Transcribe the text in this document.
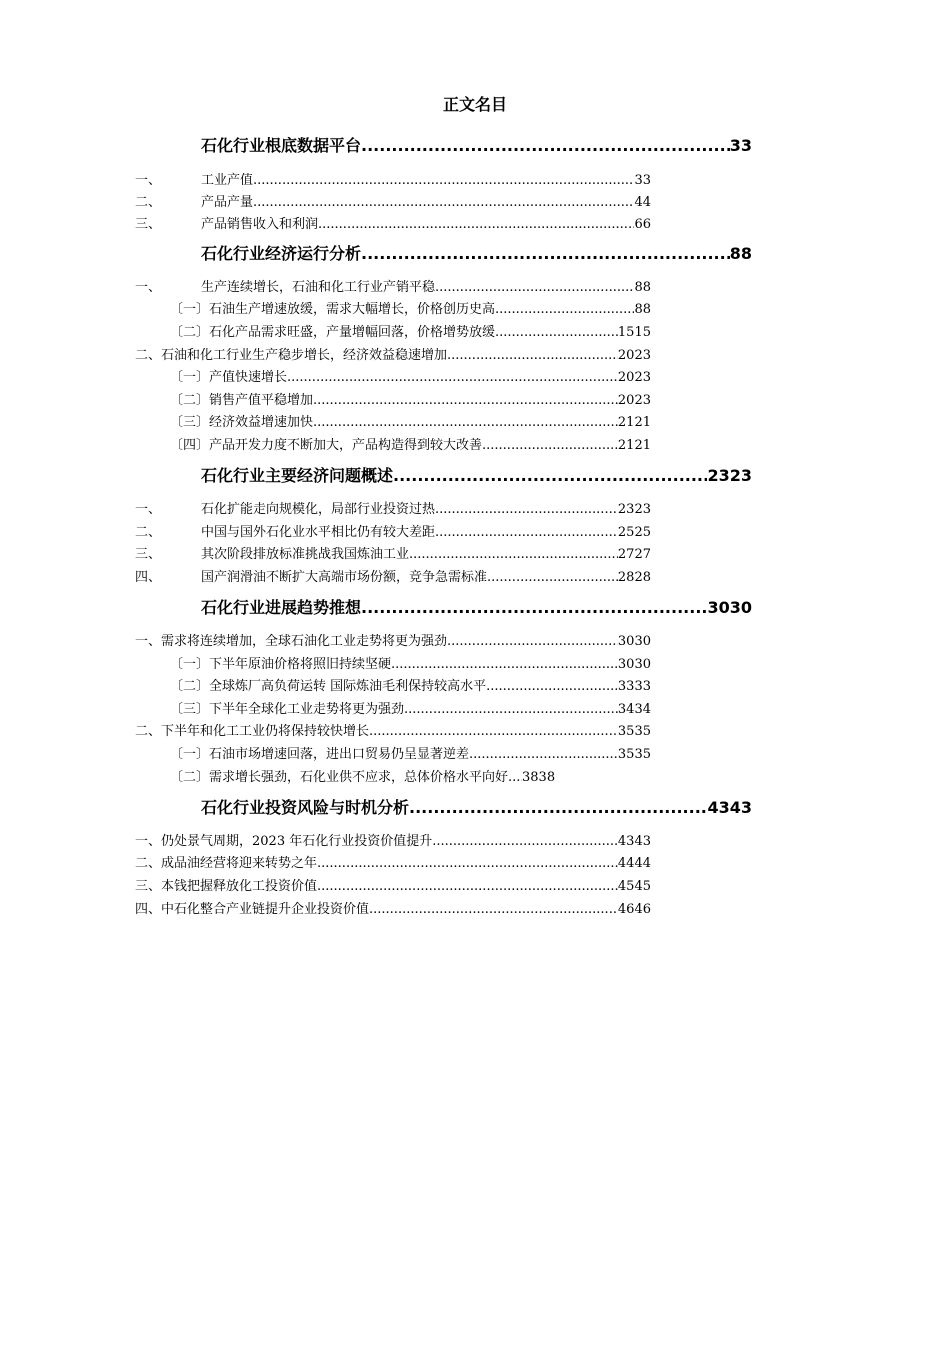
正文名目
石化行业根底数据平台 .....	33
一、	工业产值 .....	33
二、	产品产量 .....	44
三、	产品销售收入和利润 .....	66
石化行业经济运行分析 .....	88
一、	生产连续增长，石油和化工行业产销平稳 .....	88
〔一〕石油生产增速放缓，需求大幅增长，价格创历史高 .....	88
〔二〕石化产品需求旺盛，产量增幅回落，价格增势放缓 .....	1515
二、石油和化工行业生产稳步增长，经济效益稳速增加 .....	2023
〔一〕产值快速增长 .....	2023
〔二〕销售产值平稳增加 .....	2023
〔三〕经济效益增速加快 .....	2121
〔四〕产品开发力度不断加大，产品构造得到较大改善 .....	2121
石化行业主要经济问题概述 .....	2323
一、	石化扩能走向规模化，局部行业投资过热 .....	2323
二、	中国与国外石化业水平相比仍有较大差距 .....	2525
三、	其次阶段排放标准挑战我国炼油工业 .....	2727
四、	国产润滑油不断扩大高端市场份额，竞争急需标准 .....	2828
石化行业进展趋势推想 .....	3030
一、需求将连续增加，全球石油化工业走势将更为强劲 .....	3030
〔一〕下半年原油价格将照旧持续坚硬 .....	3030
〔二〕全球炼厂高负荷运转 国际炼油毛利保持较高水平 .....	3333
〔三〕下半年全球化工业走势将更为强劲 .....	3434
二、下半年和化工工业仍将保持较快增长 .....	3535
〔一〕石油市场增速回落，进出口贸易仍呈显著逆差 .....	3535
〔二〕需求增长强劲，石化业供不应求，总体价格水平向好 ..... 3838
石化行业投资风险与时机分析 .....	4343
一、仍处景气周期，2023 年石化行业投资价值提升 .....	4343
二、成品油经营将迎来转势之年 .....	4444
三、本钱把握释放化工投资价值 .....	4545
四、中石化整合产业链提升企业投资价值 .....	4646
